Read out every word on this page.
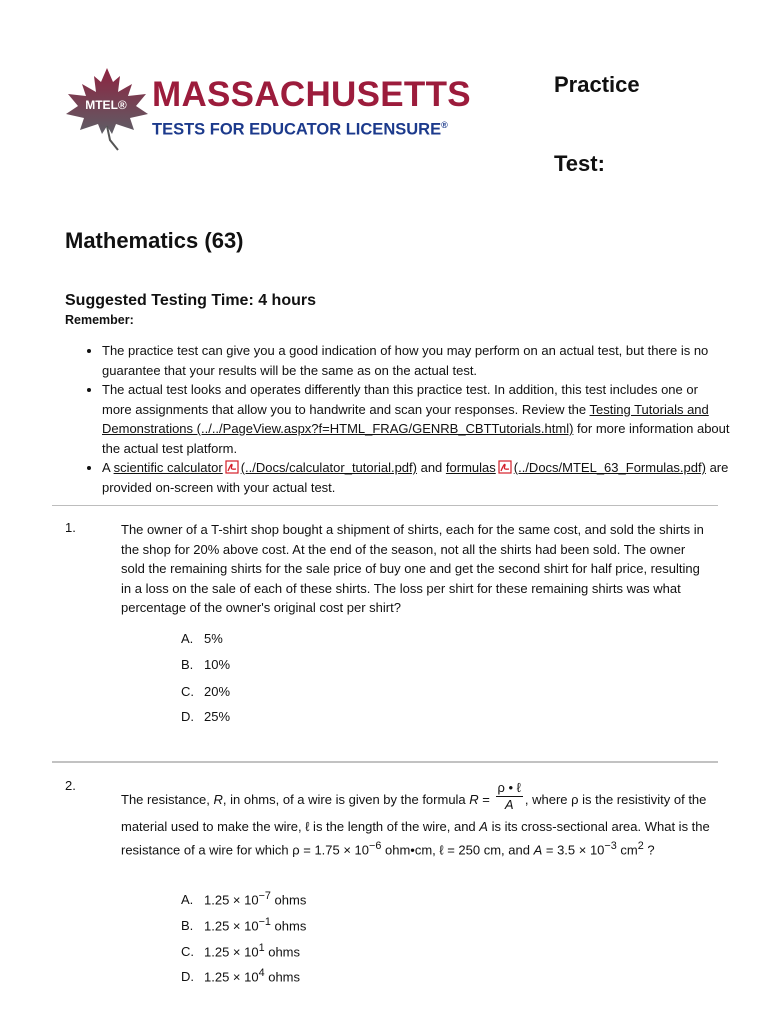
MTEL® MASSACHUSETTS
TESTS FOR EDUCATOR LICENSURE®
Practice
Test:
Mathematics (63)
Suggested Testing Time: 4 hours
Remember:
• The practice test can give you a good indication of how you may perform on an actual test, but there is no guarantee that your results will be the same as on the actual test.
• The actual test looks and operates differently than this practice test. In addition, this test includes one or more assignments that allow you to handwrite and scan your responses. Review the Testing Tutorials and Demonstrations (../../PageView.aspx?f=HTML_FRAG/GENRB_CBTTutorials.html) for more information about the actual test platform.
• A scientific calculator (../Docs/calculator_tutorial.pdf) and formulas (../Docs/MTEL_63_Formulas.pdf) are provided on-screen with your actual test.
1.	The owner of a T-shirt shop bought a shipment of shirts, each for the same cost, and sold the shirts in the shop for 20% above cost. At the end of the season, not all the shirts had been sold. The owner sold the remaining shirts for the sale price of buy one and get the second shirt for half price, resulting in a loss on the sale of each of these shirts. The loss per shirt for these remaining shirts was what percentage of the owner's original cost per shirt?
A. 5%
B. 10%
C. 20%
D. 25%
2.
The resistance, R, in ohms, of a wire is given by the formula $R = \frac{\text{ρ • ℓ}}{A}$ , where ρ is the resistivity of the material used to make the wire, ℓ is the length of the wire, and A is its cross-sectional area. What is the resistance of a wire for which $\rho = 1.75 \times 10^{-6}$ ohm•cm, ℓ = 250 cm, and $A = 3.5 \times 10^{-3}$ $cm^2$ ?
A. $1.25 \times 10^{-7}$ ohms
B. $1.25 \times 10^{-1}$ ohms
C. $1.25 \times 10^1$ ohms
D. $1.25 \times 10^4$ ohms
